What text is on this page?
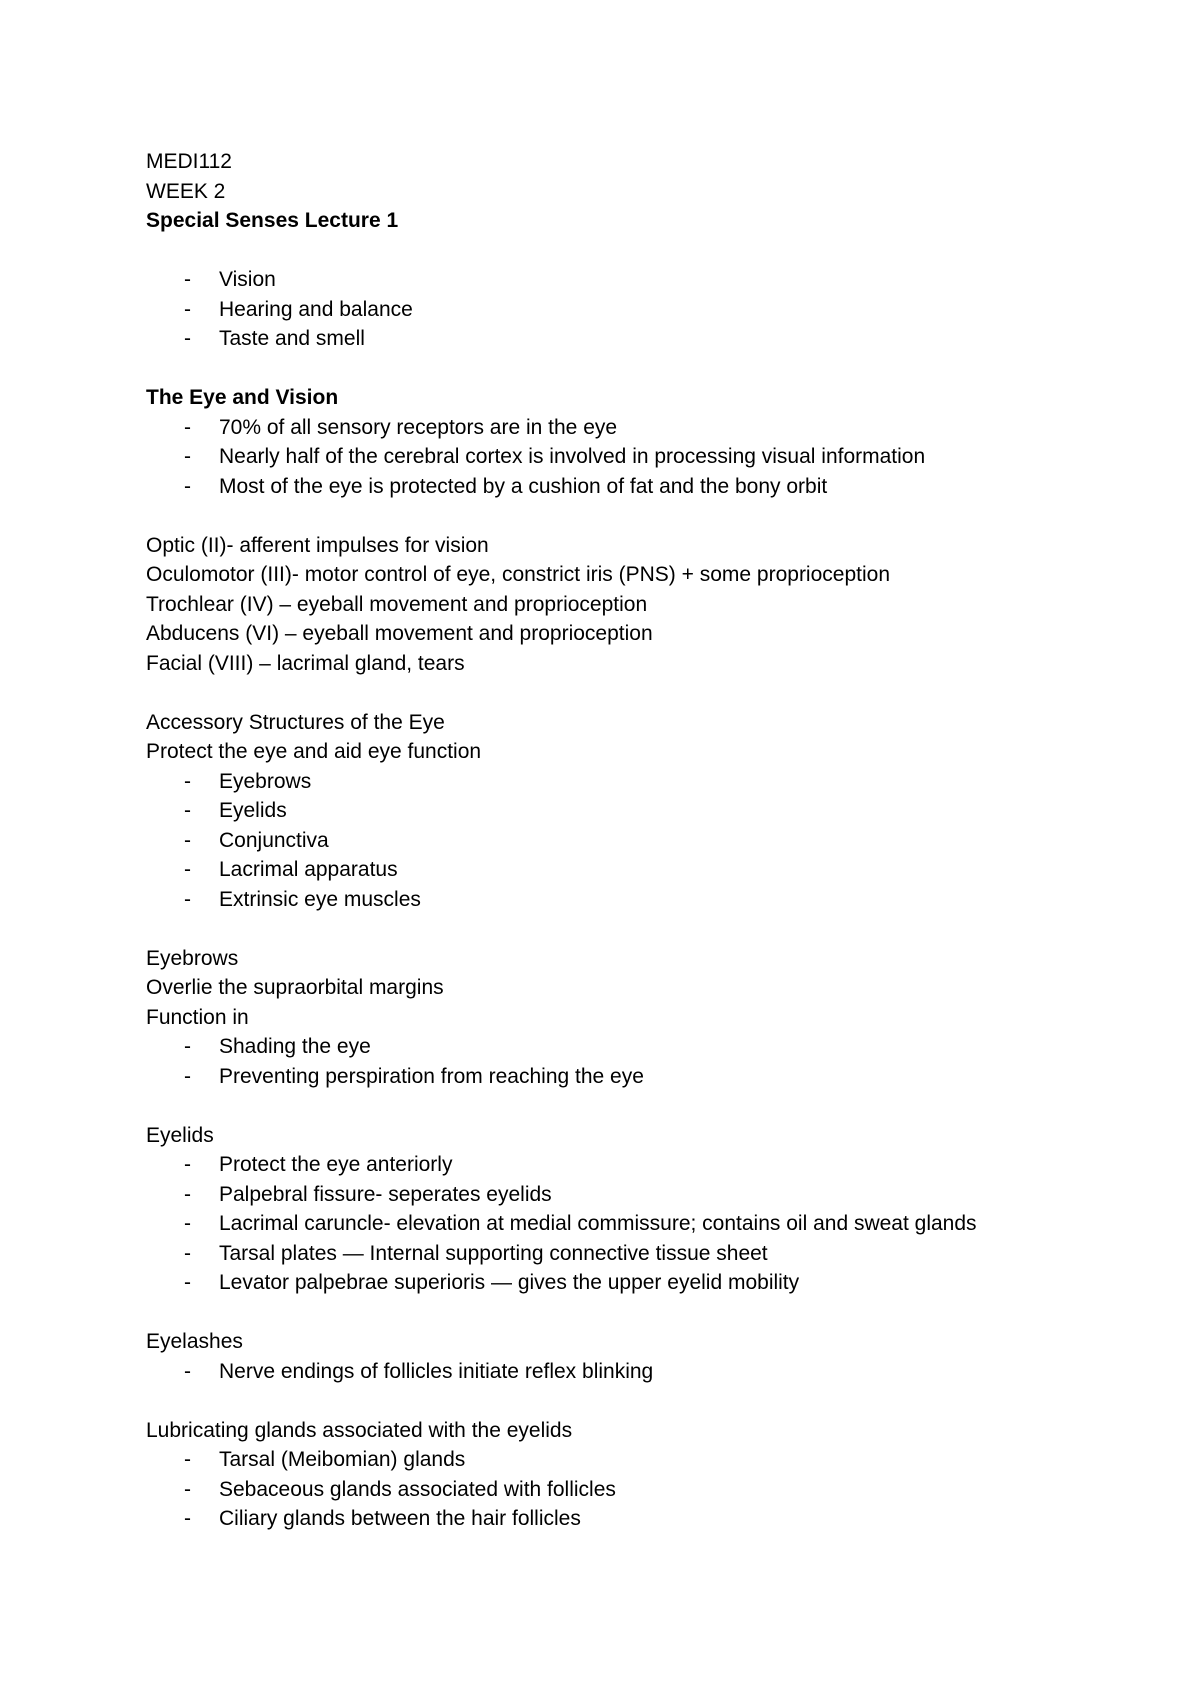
MEDI112
WEEK 2
Special Senses Lecture 1
- Vision
- Hearing and balance
- Taste and smell
The Eye and Vision
- 70% of all sensory receptors are in the eye
- Nearly half of the cerebral cortex is involved in processing visual information
- Most of the eye is protected by a cushion of fat and the bony orbit
Optic (II)- afferent impulses for vision
Oculomotor (III)- motor control of eye, constrict iris (PNS) + some proprioception
Trochlear (IV) – eyeball movement and proprioception
Abducens (VI) – eyeball movement and proprioception
Facial (VIII) – lacrimal gland, tears
Accessory Structures of the Eye
Protect the eye and aid eye function
- Eyebrows
- Eyelids
- Conjunctiva
- Lacrimal apparatus
- Extrinsic eye muscles
Eyebrows
Overlie the supraorbital margins
Function in
- Shading the eye
- Preventing perspiration from reaching the eye
Eyelids
- Protect the eye anteriorly
- Palpebral fissure- seperates eyelids
- Lacrimal caruncle- elevation at medial commissure; contains oil and sweat glands
- Tarsal plates — Internal supporting connective tissue sheet
- Levator palpebrae superioris — gives the upper eyelid mobility
Eyelashes
- Nerve endings of follicles initiate reflex blinking
Lubricating glands associated with the eyelids
- Tarsal (Meibomian) glands
- Sebaceous glands associated with follicles
- Ciliary glands between the hair follicles
